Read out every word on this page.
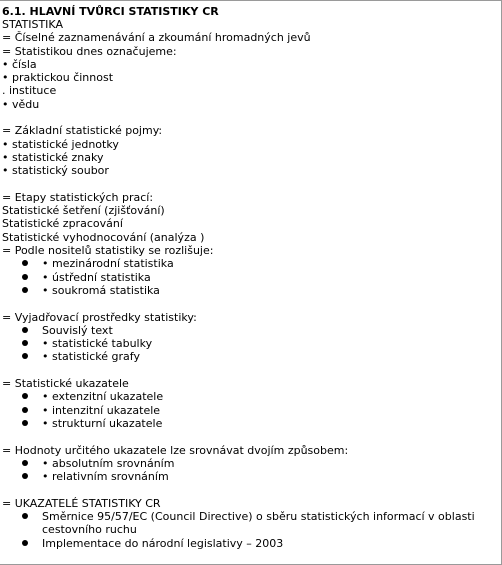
6.1. HLAVNÍ TVŮRCI STATISTIKY CR
STATISTIKA
= Číselné zaznamenávání a zkoumání hromadných jevů
= Statistikou dnes označujeme:
• čísla
• praktickou činnost
. instituce
• vědu
= Základní statistické pojmy:
• statistické jednotky
• statistické znaky
• statistický soubor
= Etapy statistických prací:
Statistické šetření (zjišťování)
Statistické zpracování
Statistické vyhodnocování (analýza )
= Podle nositelů statistiky se rozlišuje:
• mezinárodní statistika
• ústřední statistika
• soukromá statistika
= Vyjadřovací prostředky statistiky:
Souvislý text
• statistické tabulky
• statistické grafy
= Statistické ukazatele
• extenzitní ukazatele
• intenzitní ukazatele
• strukturní ukazatele
= Hodnoty určitého ukazatele lze srovnávat dvojím způsobem:
• absolutním srovnáním
• relativním srovnáním
= UKAZATELÉ STATISTIKY CR
Směrnice 95/57/EC (Council Directive) o sběru statistických informací v oblasti cestovního ruchu
Implementace do národní legislativy – 2003
